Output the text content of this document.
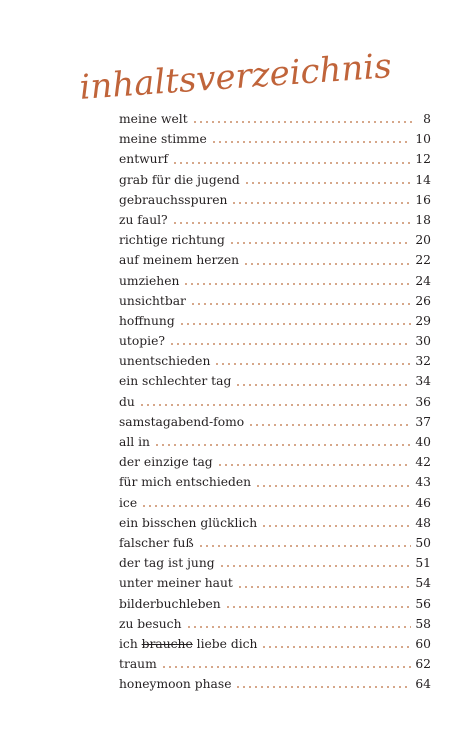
inhaltsverzeichnis
meine welt	8
meine stimme	10
entwurf	12
grab für die jugend	14
gebrauchsspuren	16
zu faul?	18
richtige richtung	20
auf meinem herzen	22
umziehen	24
unsichtbar	26
hoffnung	29
utopie?	30
unentschieden	32
ein schlechter tag	34
du	36
samstagabend-fomo	37
all in	40
der einzige tag	42
für mich entschieden	43
ice	46
ein bisschen glücklich	48
falscher fuß	50
der tag ist jung	51
unter meiner haut	54
bilderbuchleben	56
zu besuch	58
ich brauche liebe dich	60
traum	62
honeymoon phase	64
